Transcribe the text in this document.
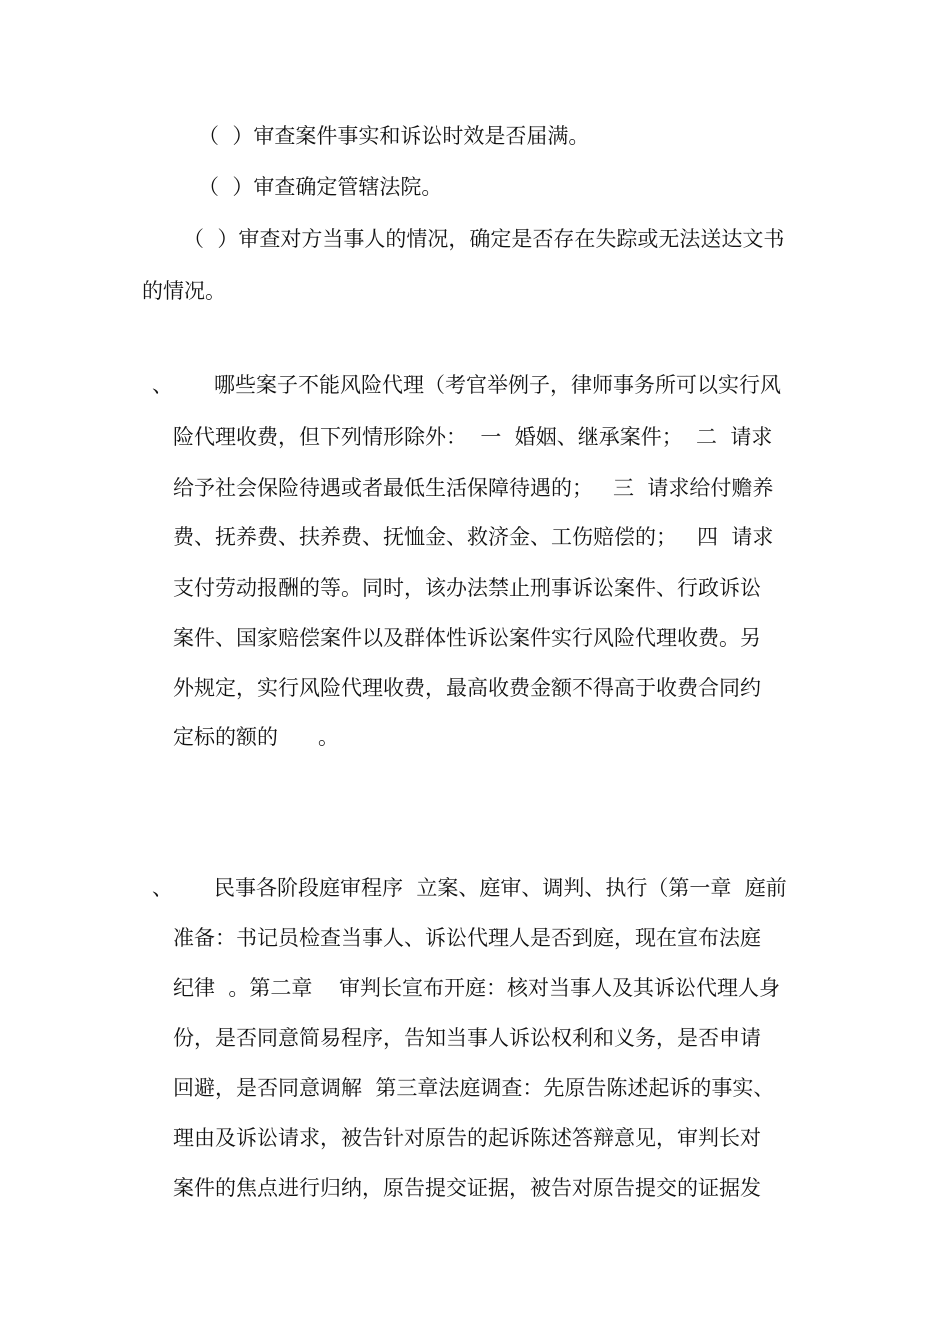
（  ）审查案件事实和诉讼时效是否届满。
（  ）审查确定管辖法院。
（  ）审查对方当事人的情况，确定是否存在失踪或无法送达文书
的情况。
、 哪些案子不能风险代理（考官举例子，律师事务所可以实行风
险代理收费，但下列情形除外：  一  婚姻、继承案件；  二  请求
给予社会保险待遇或者最低生活保障待遇的；   三  请求给付赡养
费、抚养费、扶养费、抚恤金、救济金、工伤赔偿的；   四  请求
支付劳动报酬的等。同时，该办法禁止刑事诉讼案件、行政诉讼
案件、国家赔偿案件以及群体性诉讼案件实行风险代理收费。另
外规定，实行风险代理收费，最高收费金额不得高于收费合同约
定标的额的      。
、 民事各阶段庭审程序  立案、庭审、调判、执行（第一章  庭前
准备：书记员检查当事人、诉讼代理人是否到庭，现在宣布法庭
纪律  。第二章    审判长宣布开庭：核对当事人及其诉讼代理人身
份，是否同意简易程序，告知当事人诉讼权利和义务，是否申请
回避，是否同意调解  第三章法庭调查：先原告陈述起诉的事实、
理由及诉讼请求，被告针对原告的起诉陈述答辩意见，审判长对
案件的焦点进行归纳，原告提交证据，被告对原告提交的证据发
